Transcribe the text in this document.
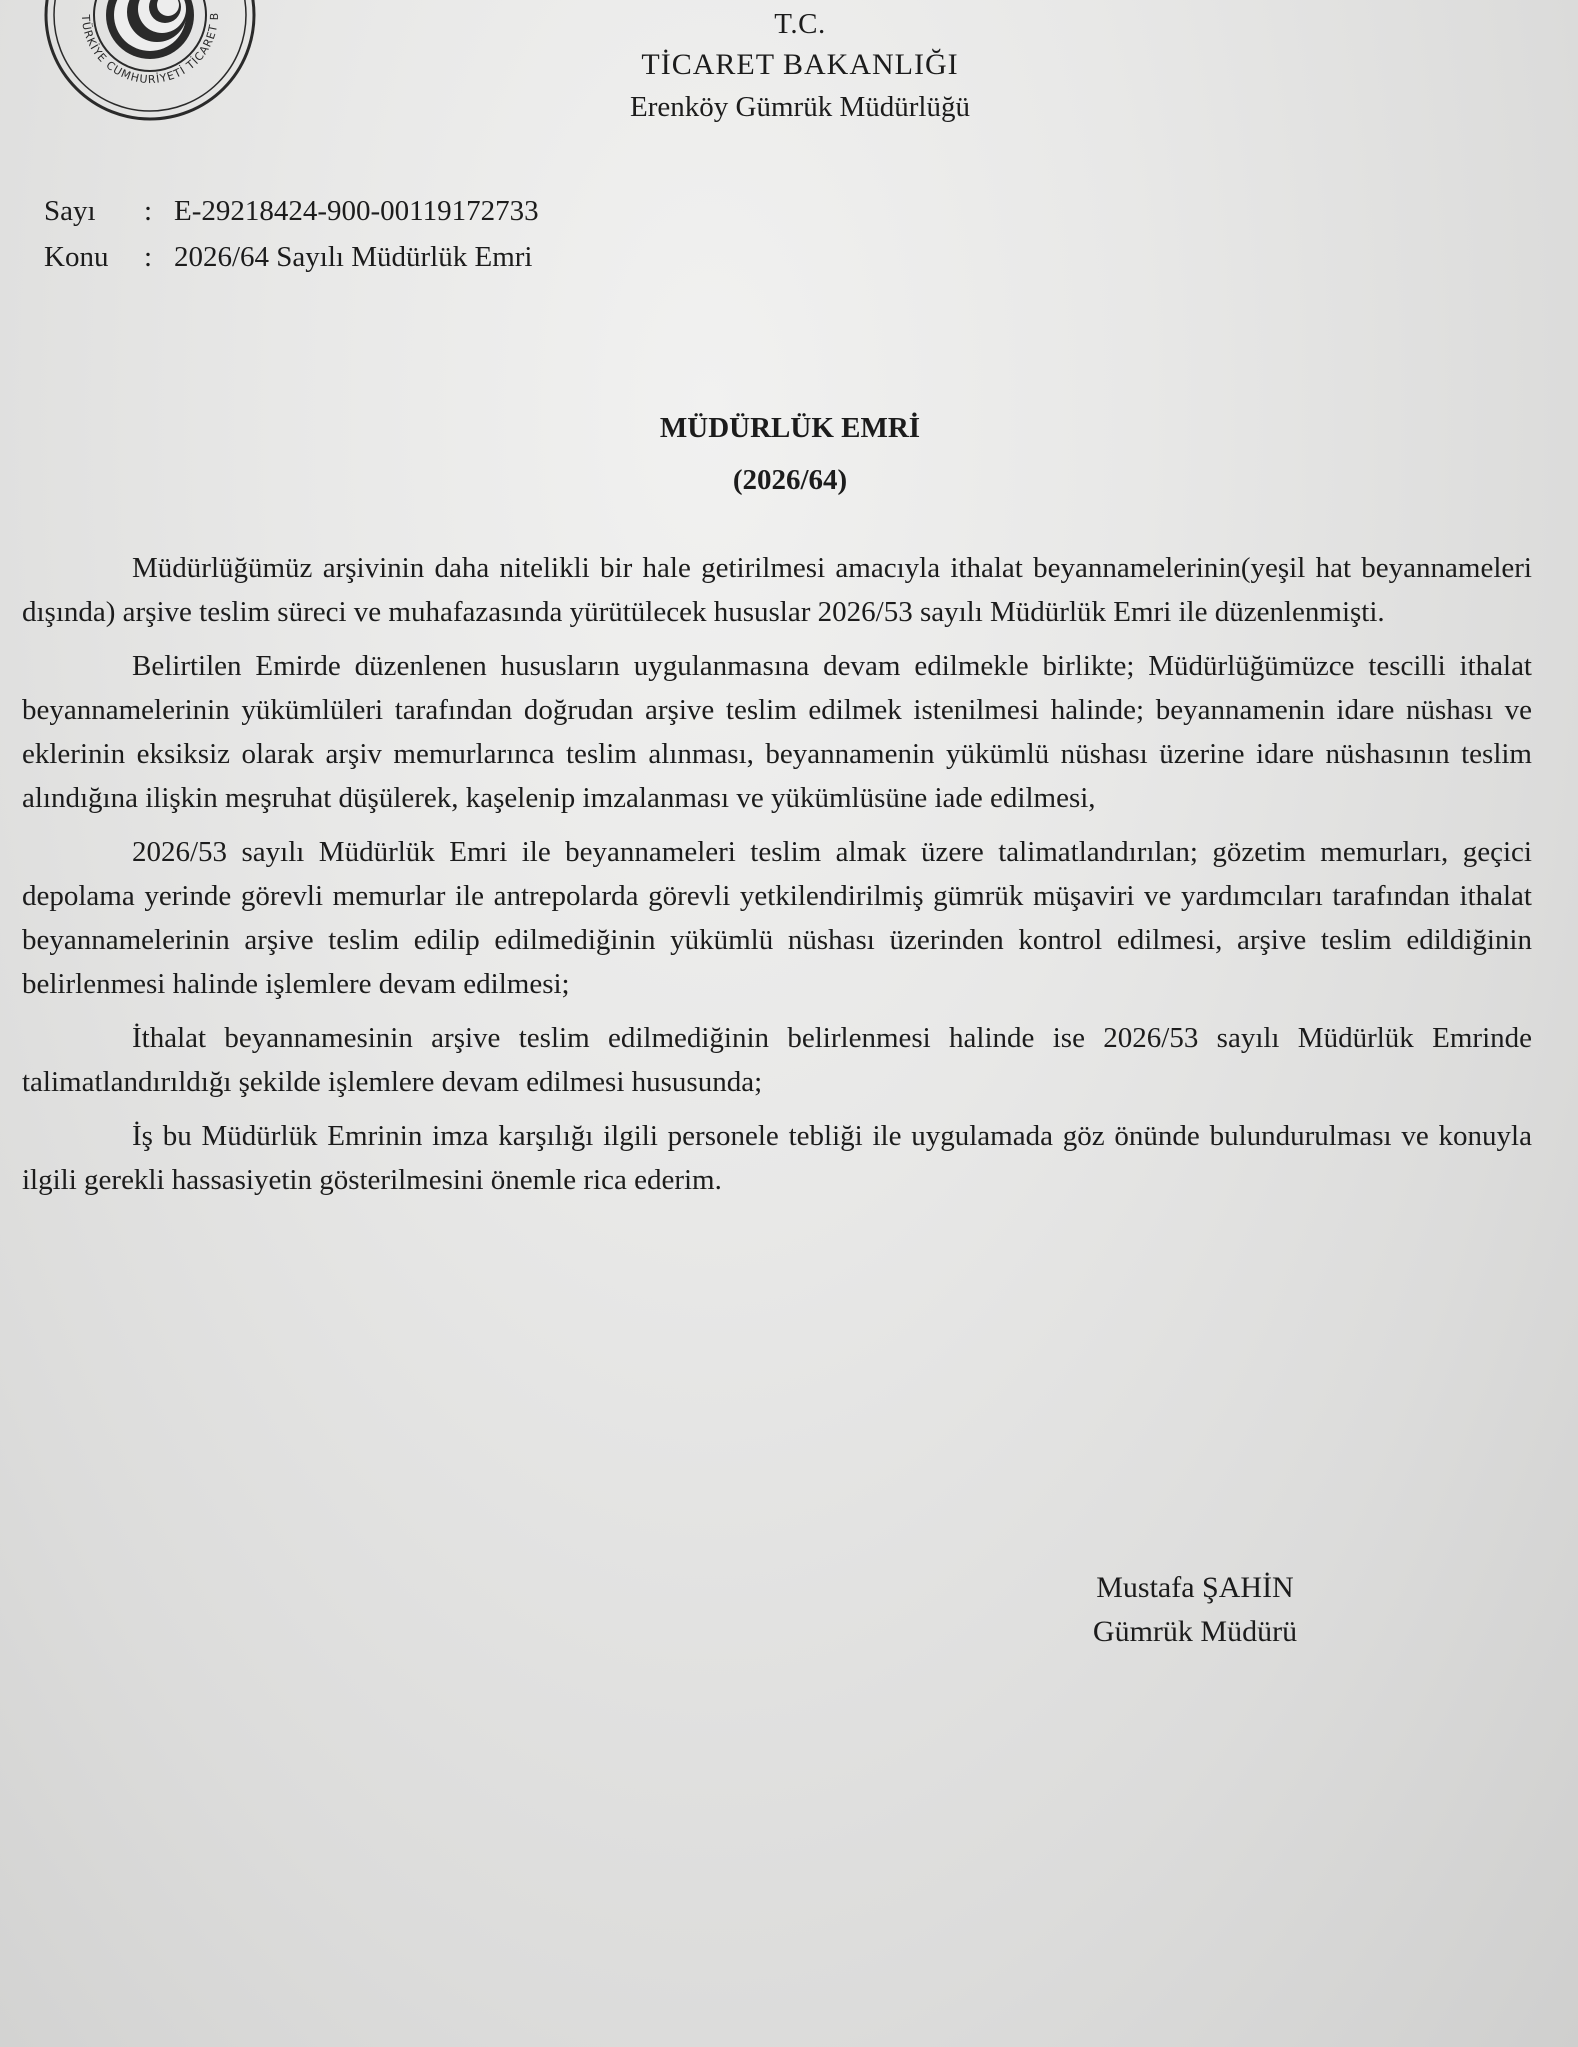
TÜRKİYE CUMHURİYETİ TİCARET B	T.C.
TİCARET BAKANLIĞI
Erenköy Gümrük Müdürlüğü
Sayı	: E-29218424-900-00119172733
Konu	: 2026/64 Sayılı Müdürlük Emri
MÜDÜRLÜK EMRİ
(2026/64)

Müdürlüğümüz arşivinin daha nitelikli bir hale getirilmesi amacıyla ithalat beyannamelerinin(yeşil hat beyannameleri dışında) arşive teslim süreci ve muhafazasında yürütülecek hususlar 2026/53 sayılı Müdürlük Emri ile düzenlenmişti.

Belirtilen Emirde düzenlenen hususların uygulanmasına devam edilmekle birlikte; Müdürlüğümüzce tescilli ithalat beyannamelerinin yükümlüleri tarafından doğrudan arşive teslim edilmek istenilmesi halinde; beyannamenin idare nüshası ve eklerinin eksiksiz olarak arşiv memurlarınca teslim alınması, beyannamenin yükümlü nüshası üzerine idare nüshasının teslim alındığına ilişkin meşruhat düşülerek, kaşelenip imzalanması ve yükümlüsüne iade edilmesi,

2026/53 sayılı Müdürlük Emri ile beyannameleri teslim almak üzere talimatlandırılan; gözetim memurları, geçici depolama yerinde görevli memurlar ile antrepolarda görevli yetkilendirilmiş gümrük müşaviri ve yardımcıları tarafından ithalat beyannamelerinin arşive teslim edilip edilmediğinin yükümlü nüshası üzerinden kontrol edilmesi, arşive teslim edildiğinin belirlenmesi halinde işlemlere devam edilmesi;

İthalat beyannamesinin arşive teslim edilmediğinin belirlenmesi halinde ise 2026/53 sayılı Müdürlük Emrinde talimatlandırıldığı şekilde işlemlere devam edilmesi hususunda;

İş bu Müdürlük Emrinin imza karşılığı ilgili personele tebliği ile uygulamada göz önünde bulundurulması ve konuyla ilgili gerekli hassasiyetin gösterilmesini önemle rica ederim.

Mustafa ŞAHİN
Gümrük Müdürü
